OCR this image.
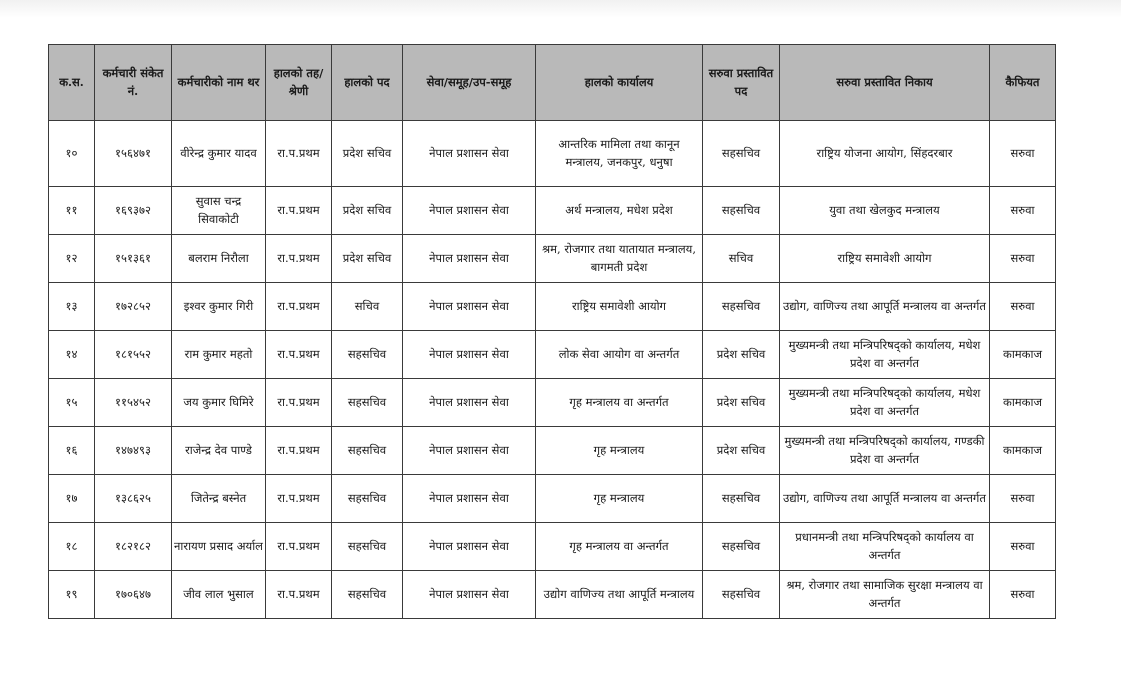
क.स.	कर्मचारी संकेत नं.	कर्मचारीको नाम थर	हालको तह/श्रेणी	हालको पद	सेवा/समूह/उप-समूह	हालको कार्यालय	सरुवा प्रस्तावित पद	सरुवा प्रस्तावित निकाय	कैफियत
१०	१५६४७१	वीरेन्द्र कुमार यादव	रा.प.प्रथम	प्रदेश सचिव	नेपाल प्रशासन सेवा	आन्तरिक मामिला तथा कानून मन्त्रालय, जनकपुर, धनुषा	सहसचिव	राष्ट्रिय योजना आयोग, सिंहदरबार	सरुवा
११	१६९३७२	सुवास चन्द्र सिवाकोटी	रा.प.प्रथम	प्रदेश सचिव	नेपाल प्रशासन सेवा	अर्थ मन्त्रालय, मधेश प्रदेश	सहसचिव	युवा तथा खेलकुद मन्त्रालय	सरुवा
१२	१५१३६१	बलराम निरौला	रा.प.प्रथम	प्रदेश सचिव	नेपाल प्रशासन सेवा	श्रम, रोजगार तथा यातायात मन्त्रालय, बागमती प्रदेश	सचिव	राष्ट्रिय समावेशी आयोग	सरुवा
१३	१७२८५२	इश्वर कुमार गिरी	रा.प.प्रथम	सचिव	नेपाल प्रशासन सेवा	राष्ट्रिय समावेशी आयोग	सहसचिव	उद्योग, वाणिज्य तथा आपूर्ति मन्त्रालय वा अन्तर्गत	सरुवा
१४	१८१५५२	राम कुमार महतो	रा.प.प्रथम	सहसचिव	नेपाल प्रशासन सेवा	लोक सेवा आयोग वा अन्तर्गत	प्रदेश सचिव	मुख्यमन्त्री तथा मन्त्रिपरिषद्को कार्यालय, मधेश प्रदेश वा अन्तर्गत	कामकाज
१५	११५४५२	जय कुमार घिमिरे	रा.प.प्रथम	सहसचिव	नेपाल प्रशासन सेवा	गृह मन्त्रालय वा अन्तर्गत	प्रदेश सचिव	मुख्यमन्त्री तथा मन्त्रिपरिषद्को कार्यालय, मधेश प्रदेश वा अन्तर्गत	कामकाज
१६	१४७४९३	राजेन्द्र देव पाण्डे	रा.प.प्रथम	सहसचिव	नेपाल प्रशासन सेवा	गृह मन्त्रालय	प्रदेश सचिव	मुख्यमन्त्री तथा मन्त्रिपरिषद्को कार्यालय, गण्डकी प्रदेश वा अन्तर्गत	कामकाज
१७	१३८६२५	जितेन्द्र बस्नेत	रा.प.प्रथम	सहसचिव	नेपाल प्रशासन सेवा	गृह मन्त्रालय	सहसचिव	उद्योग, वाणिज्य तथा आपूर्ति मन्त्रालय वा अन्तर्गत	सरुवा
१८	१८२१८२	नारायण प्रसाद अर्याल	रा.प.प्रथम	सहसचिव	नेपाल प्रशासन सेवा	गृह मन्त्रालय वा अन्तर्गत	सहसचिव	प्रधानमन्त्री तथा मन्त्रिपरिषद्को कार्यालय वा अन्तर्गत	सरुवा
१९	१७०६४७	जीव लाल भुसाल	रा.प.प्रथम	सहसचिव	नेपाल प्रशासन सेवा	उद्योग वाणिज्य तथा आपूर्ति मन्त्रालय	सहसचिव	श्रम, रोजगार तथा सामाजिक सुरक्षा मन्त्रालय वा अन्तर्गत	सरुवा
